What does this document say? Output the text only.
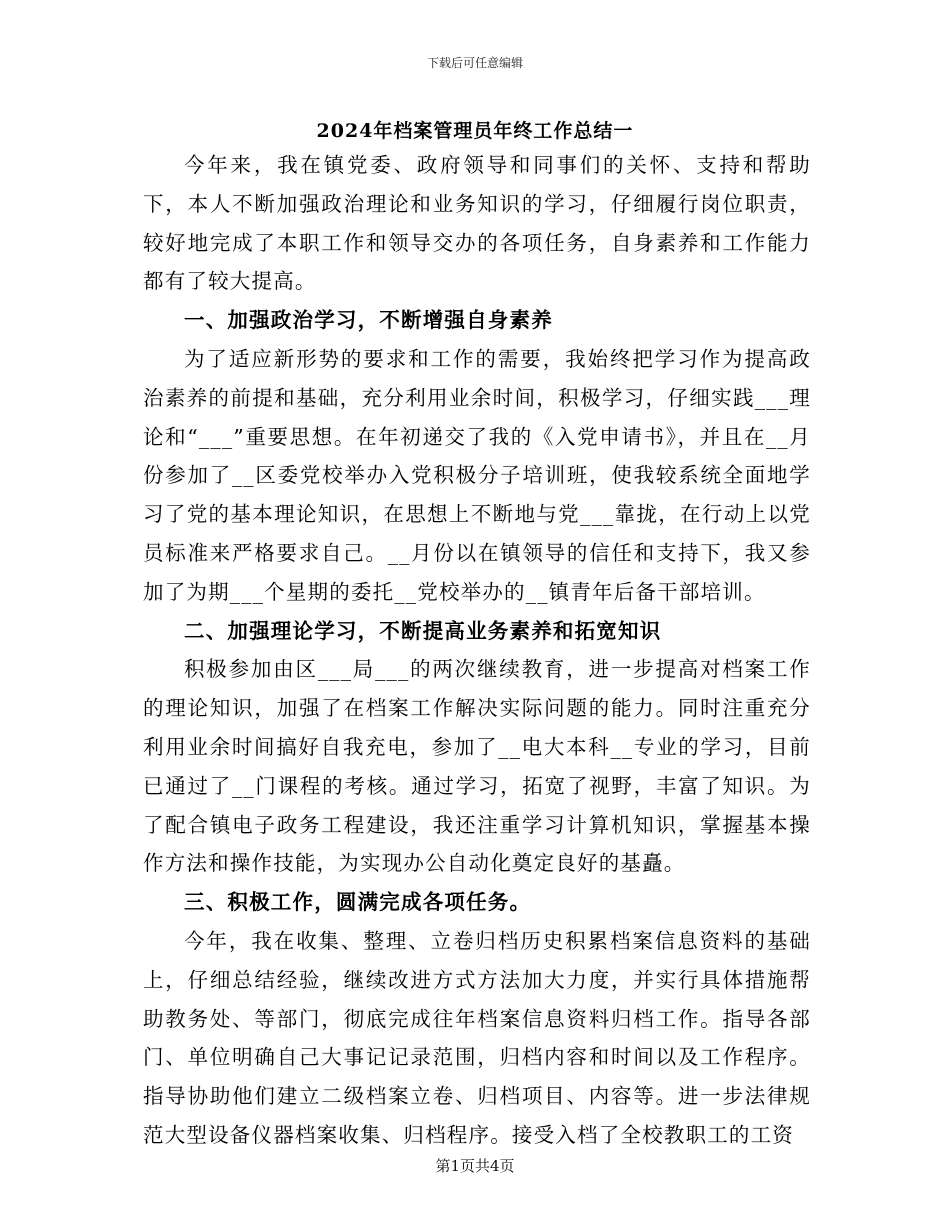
下载后可任意编辑
2024年档案管理员年终工作总结一

今年来，我在镇党委、政府领导和同事们的关怀、支持和帮助下，本人不断加强政治理论和业务知识的学习，仔细履行岗位职责，较好地完成了本职工作和领导交办的各项任务，自身素养和工作能力都有了较大提高。

一、加强政治学习，不断增强自身素养

为了适应新形势的要求和工作的需要，我始终把学习作为提高政治素养的前提和基础，充分利用业余时间，积极学习，仔细实践___理论和“___”重要思想。在年初递交了我的《入党申请书》，并且在__月份参加了__区委党校举办入党积极分子培训班，使我较系统全面地学习了党的基本理论知识，在思想上不断地与党___靠拢，在行动上以党员标准来严格要求自己。__月份以在镇领导的信任和支持下，我又参加了为期___个星期的委托__党校举办的__镇青年后备干部培训。

二、加强理论学习，不断提高业务素养和拓宽知识

积极参加由区___局___的两次继续教育，进一步提高对档案工作的理论知识，加强了在档案工作解决实际问题的能力。同时注重充分利用业余时间搞好自我充电，参加了__电大本科__专业的学习，目前已通过了__门课程的考核。通过学习，拓宽了视野，丰富了知识。为了配合镇电子政务工程建设，我还注重学习计算机知识，掌握基本操作方法和操作技能，为实现办公自动化奠定良好的基矗。

三、积极工作，圆满完成各项任务。

今年，我在收集、整理、立卷归档历史积累档案信息资料的基础上，仔细总结经验，继续改进方式方法加大力度，并实行具体措施帮助教务处、等部门，彻底完成往年档案信息资料归档工作。指导各部门、单位明确自己大事记记录范围，归档内容和时间以及工作程序。指导协助他们建立二级档案立卷、归档项目、内容等。进一步法律规范大型设备仪器档案收集、归档程序。接受入档了全校教职工的工资

第1页共4页
